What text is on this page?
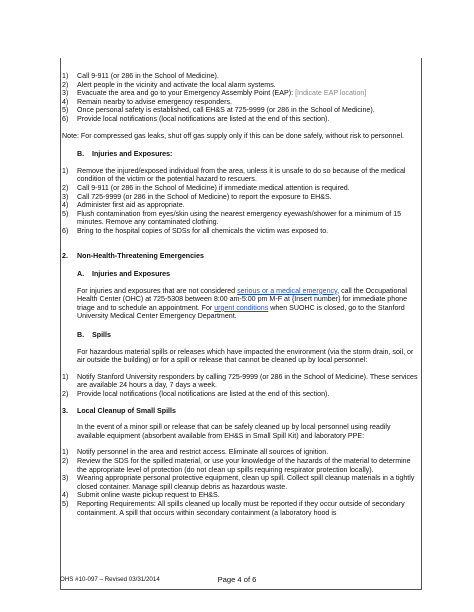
1) Call 9-911 (or 286 in the School of Medicine).
2) Alert people in the vicinity and activate the local alarm systems.
3) Evacuate the area and go to your Emergency Assembly Point (EAP): [Indicate EAP location]
4) Remain nearby to advise emergency responders.
5) Once personal safety is established, call EH&S at 725-9999 (or 286 in the School of Medicine).
6) Provide local notifications (local notifications are listed at the end of this section).
Note: For compressed gas leaks, shut off gas supply only if this can be done safely, without risk to personnel.
B. Injuries and Exposures:
1) Remove the injured/exposed individual from the area, unless it is unsafe to do so because of the medical condition of the victim or the potential hazard to rescuers.
2) Call 9-911 (or 286 in the School of Medicine) if immediate medical attention is required.
3) Call 725-9999 (or 286 in the School of Medicine) to report the exposure to EH&S.
4) Administer first aid as appropriate.
5) Flush contamination from eyes/skin using the nearest emergency eyewash/shower for a minimum of 15 minutes. Remove any contaminated clothing.
6) Bring to the hospital copies of SDSs for all chemicals the victim was exposed to.
2. Non-Health-Threatening Emergencies
A. Injuries and Exposures
For injuries and exposures that are not considered serious or a medical emergency, call the Occupational Health Center (OHC) at 725-5308 between 8:00 am-5:00 pm M-F at {Insert number} for immediate phone triage and to schedule an appointment. For urgent conditions when SUOHC is closed, go to the Stanford University Medical Center Emergency Department.
B. Spills
For hazardous material spills or releases which have impacted the environment (via the storm drain, soil, or air outside the building) or for a spill or release that cannot be cleaned up by local personnel:
1) Notify Stanford University responders by calling 725-9999 (or 286 in the School of Medicine). These services are available 24 hours a day, 7 days a week.
2) Provide local notifications (local notifications are listed at the end of this section).
3. Local Cleanup of Small Spills
In the event of a minor spill or release that can be safely cleaned up by local personnel using readily available equipment (absorbent available from EH&S in Small Spill Kit) and laboratory PPE:
1) Notify personnel in the area and restrict access. Eliminate all sources of ignition.
2) Review the SDS for the spilled material, or use your knowledge of the hazards of the material to determine the appropriate level of protection (do not clean up spills requiring respirator protection locally).
3) Wearing appropriate personal protective equipment, clean up spill. Collect spill cleanup materials in a tightly closed container. Manage spill cleanup debris as hazardous waste.
4) Submit online waste pickup request to EH&S.
5) Reporting Requirements: All spills cleaned up locally must be reported if they occur outside of secondary containment. A spill that occurs within secondary containment (a laboratory hood is
OHS #10-097 – Revised 03/31/2014	Page 4 of 6
